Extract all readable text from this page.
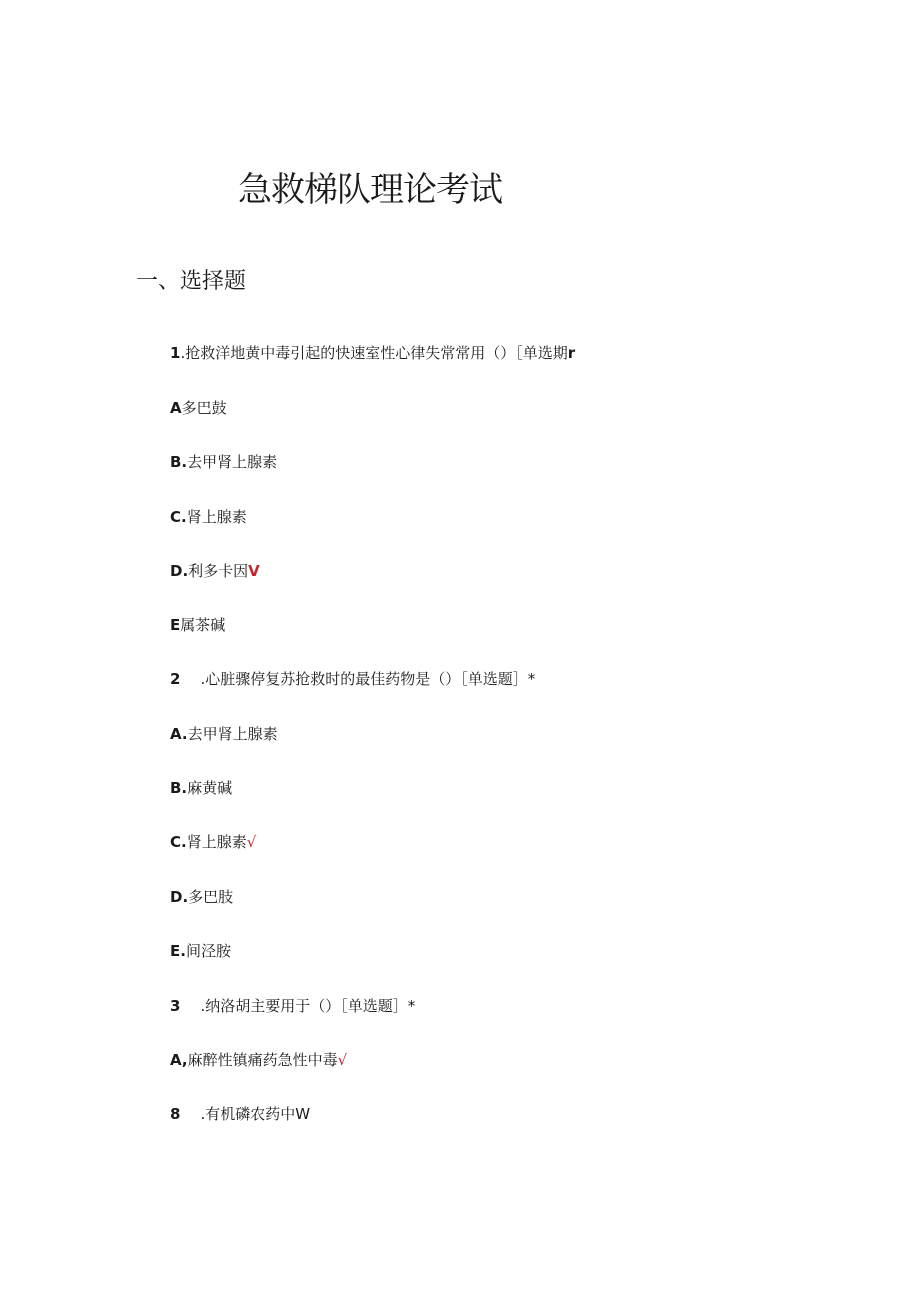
急救梯队理论考试
一、选择题
1.抢救洋地黄中毒引起的快速室性心律失常常用（）［单选期r
A多巴鼓
B.去甲肾上腺素
C.肾上腺素
D.利多卡因V
E属茶碱
2 .心脏骤停复苏抢救时的最佳药物是（）［单选题］*
A.去甲肾上腺素
B.麻黄碱
C.肾上腺素√
D.多巴肢
E.间泾胺
3 .纳洛胡主要用于（）［单选题］*
A,麻醉性镇痛药急性中毒√
8 .有机磷农药中W
